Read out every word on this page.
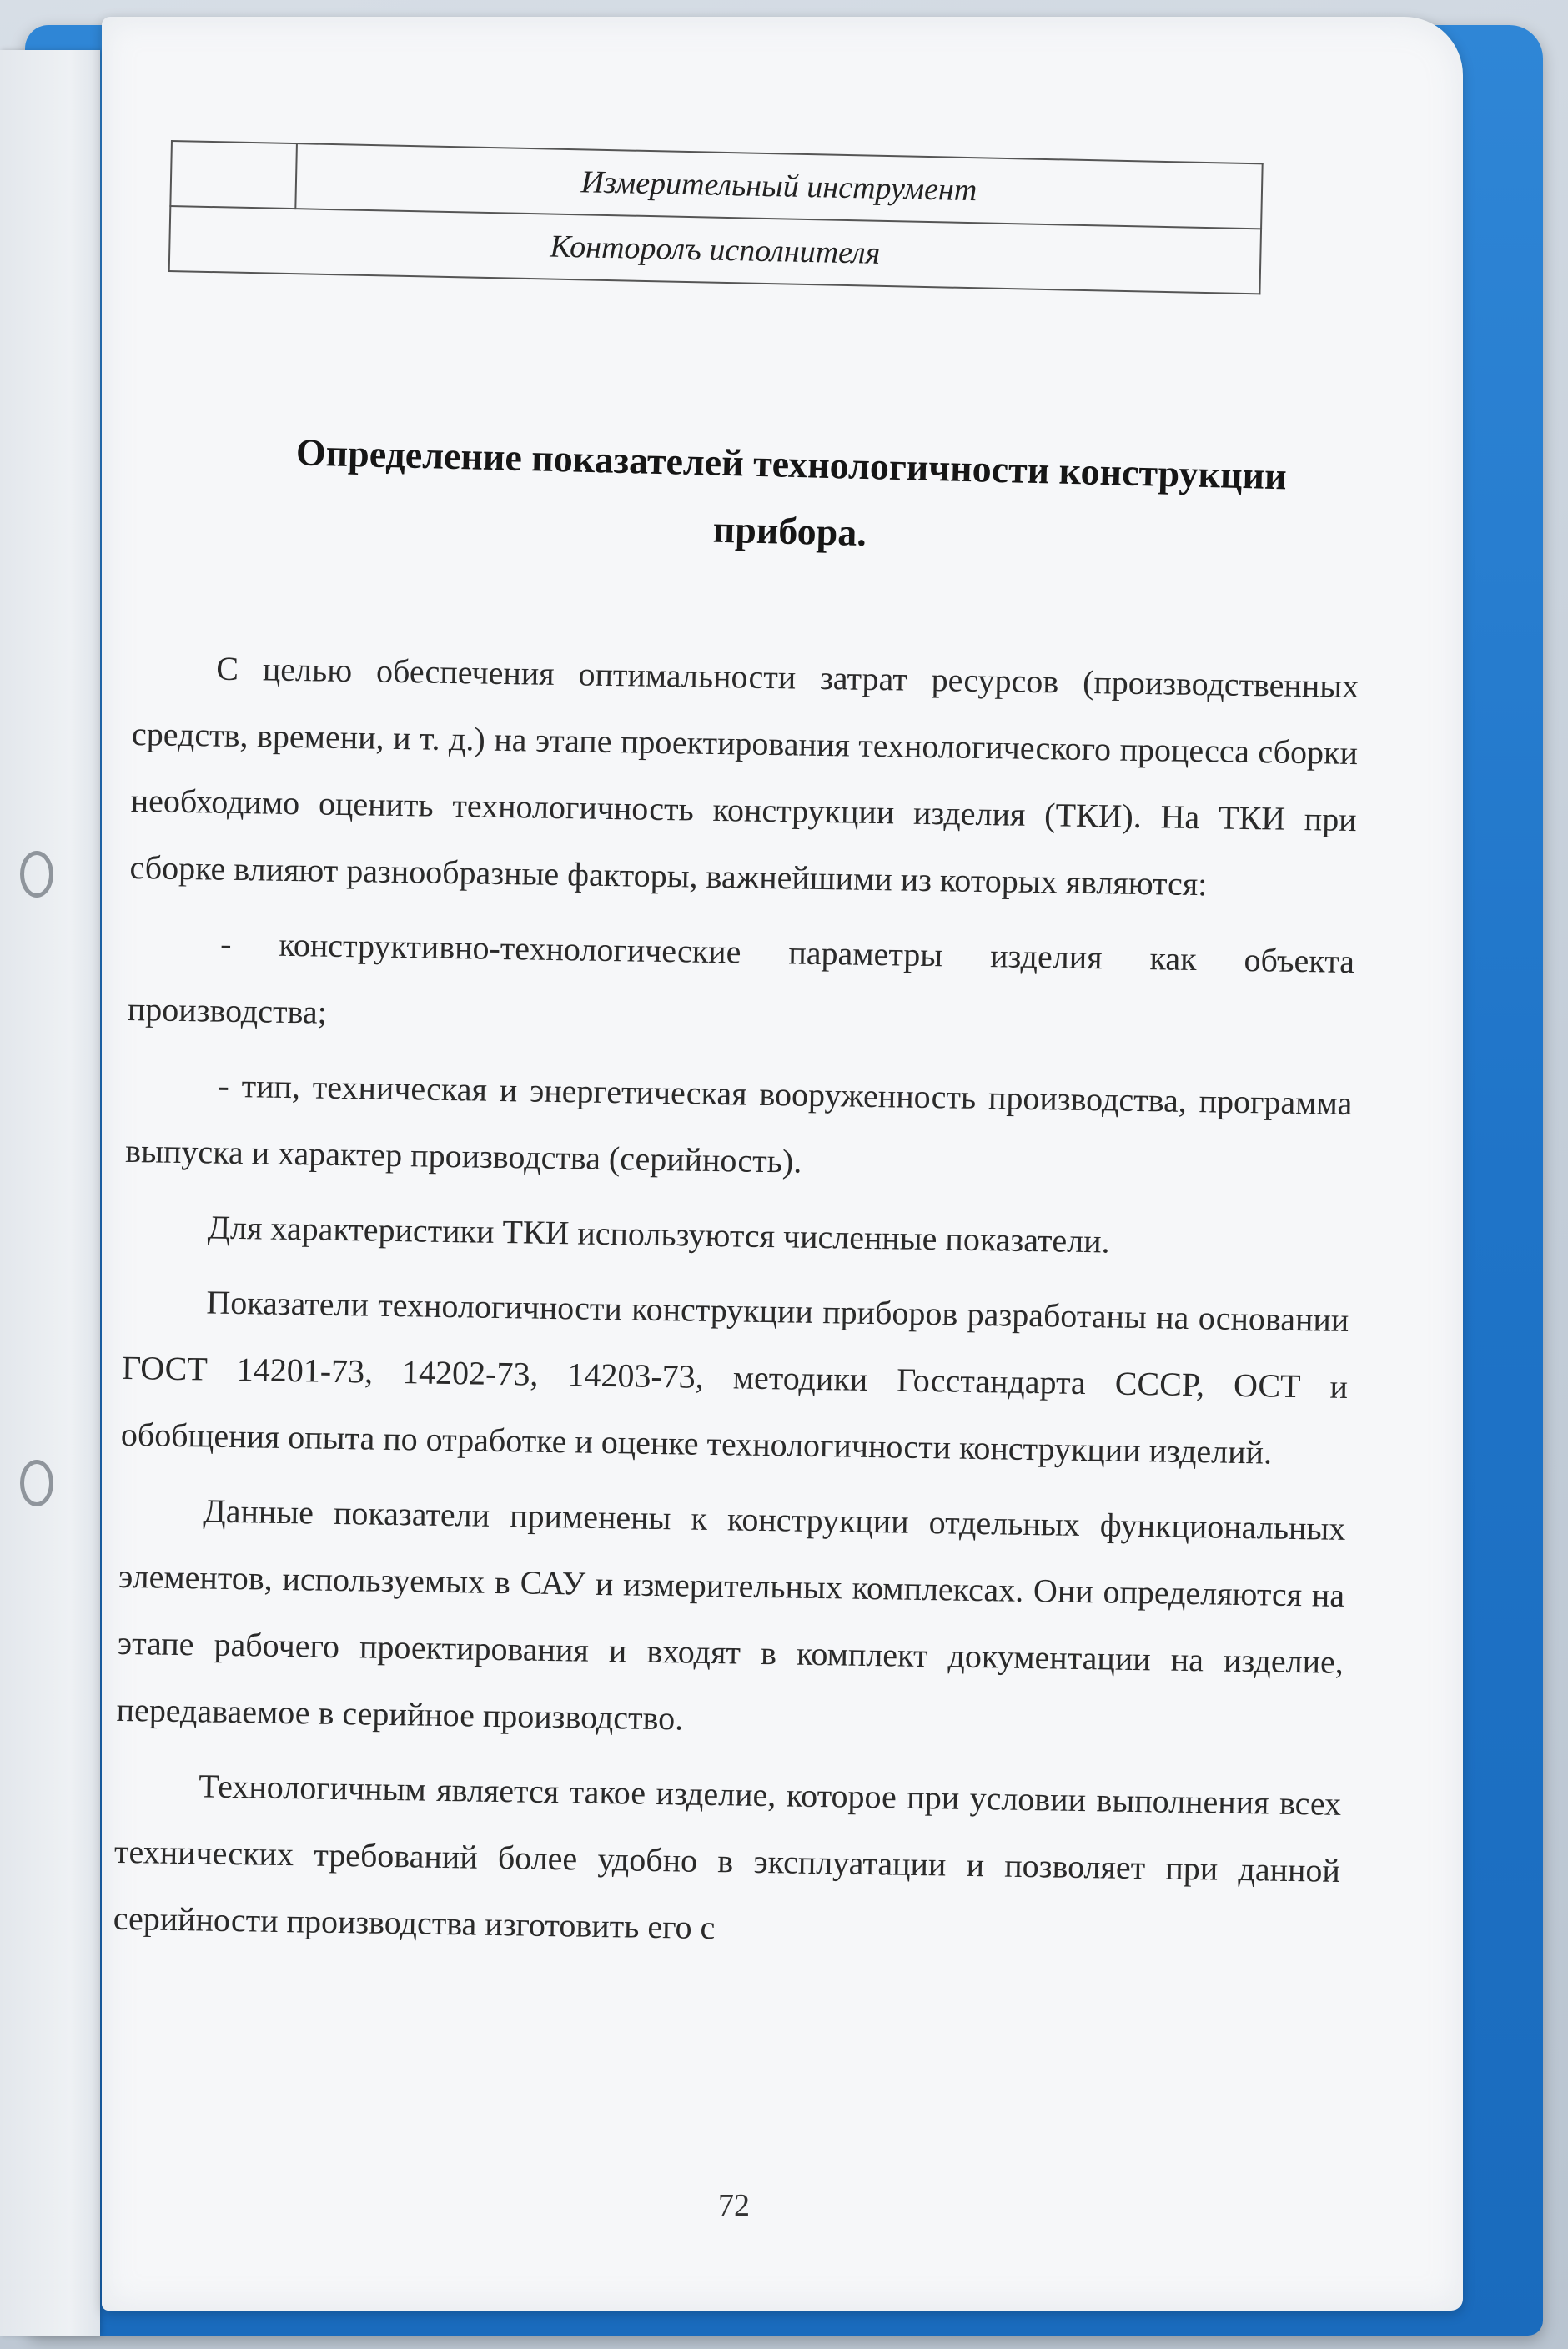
	Измерительный инструмент
Конторолъ исполнителя
Определение показателей технологичности конструкции прибора.

С целью обеспечения оптимальности затрат ресурсов (производственных средств, времени, и т. д.) на этапе проектирования технологического процесса сборки необходимо оценить технологичность конструкции изделия (ТКИ). На ТКИ при сборке влияют разнообразные факторы, важнейшими из которых являются:

- конструктивно-технологические параметры изделия как объекта производства;

- тип, техническая и энергетическая вооруженность производства, программа выпуска и характер производства (серийность).

Для характеристики ТКИ используются численные показатели.

Показатели технологичности конструкции приборов разработаны на основании ГОСТ 14201-73, 14202-73, 14203-73, методики Госстандарта СССР, ОСТ и обобщения опыта по отработке и оценке технологичности конструкции изделий.

Данные показатели применены к конструкции отдельных функциональных элементов, используемых в САУ и измерительных комплексах. Они определяются на этапе рабочего проектирования и входят в комплект документации на изделие, передаваемое в серийное производство.

Технологичным является такое изделие, которое при условии выполнения всех технических требований более удобно в эксплуатации и позволяет при данной серийности производства изготовить его с

72
